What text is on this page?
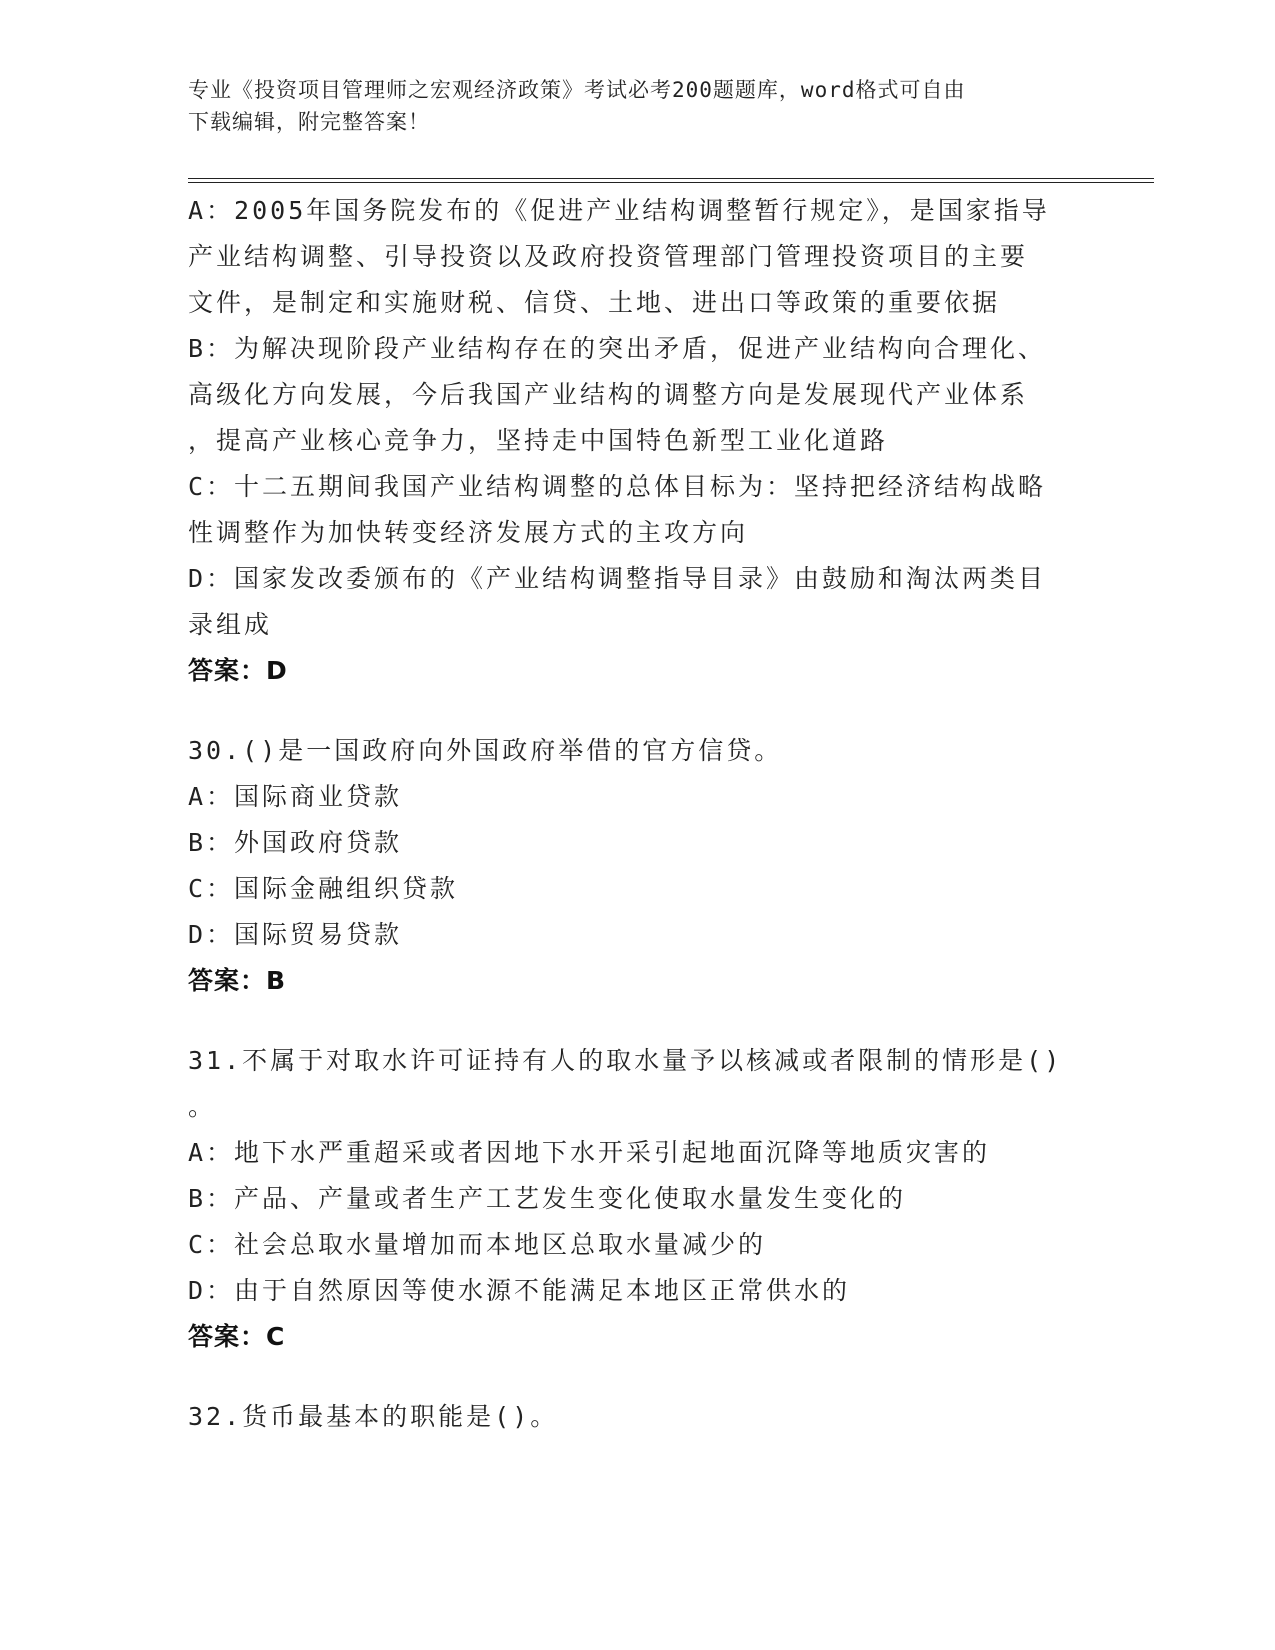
专业《投资项目管理师之宏观经济政策》考试必考200题题库，word格式可自由
下载编辑，附完整答案！
A：2005年国务院发布的《促进产业结构调整暂行规定》，是国家指导
产业结构调整、引导投资以及政府投资管理部门管理投资项目的主要
文件，是制定和实施财税、信贷、土地、进出口等政策的重要依据
B：为解决现阶段产业结构存在的突出矛盾，促进产业结构向合理化、
高级化方向发展，今后我国产业结构的调整方向是发展现代产业体系
，提高产业核心竞争力，坚持走中国特色新型工业化道路
C：十二五期间我国产业结构调整的总体目标为：坚持把经济结构战略
性调整作为加快转变经济发展方式的主攻方向
D：国家发改委颁布的《产业结构调整指导目录》由鼓励和淘汰两类目
录组成
答案：D
30.()是一国政府向外国政府举借的官方信贷。
A：国际商业贷款
B：外国政府贷款
C：国际金融组织贷款
D：国际贸易贷款
答案：B
31.不属于对取水许可证持有人的取水量予以核减或者限制的情形是()
。
A：地下水严重超采或者因地下水开采引起地面沉降等地质灾害的
B：产品、产量或者生产工艺发生变化使取水量发生变化的
C：社会总取水量增加而本地区总取水量减少的
D：由于自然原因等使水源不能满足本地区正常供水的
答案：C
32.货币最基本的职能是()。
